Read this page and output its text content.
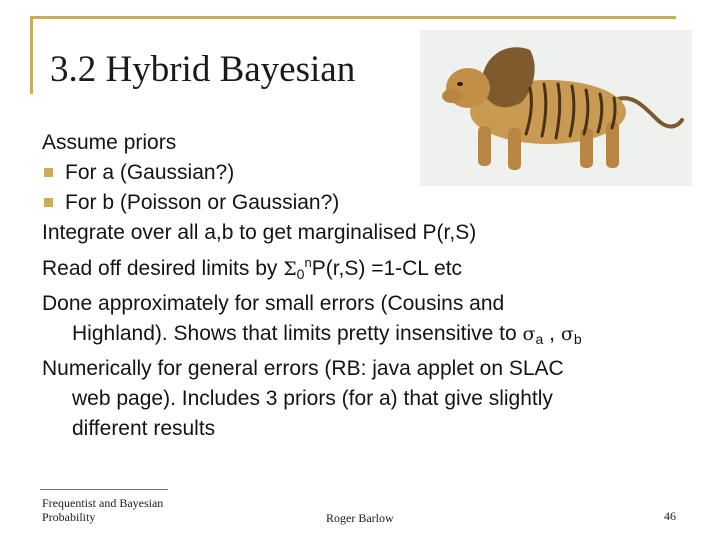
3.2 Hybrid Bayesian
Assume priors
For a (Gaussian?)
For b (Poisson or Gaussian?)
Integrate over all a,b to get marginalised P(r,S)
Read off desired limits by $\Sigma_0^nP(r,S) =1-CL$ etc
Done approximately for small errors (Cousins and
Highland). Shows that limits pretty insensitive to $\sigma_a$ , $\sigma_b$
Numerically for general errors (RB: java applet on SLAC
web page). Includes 3 priors (for a) that give slightly
different results
Frequentist and Bayesian
Probability	Roger Barlow	46
